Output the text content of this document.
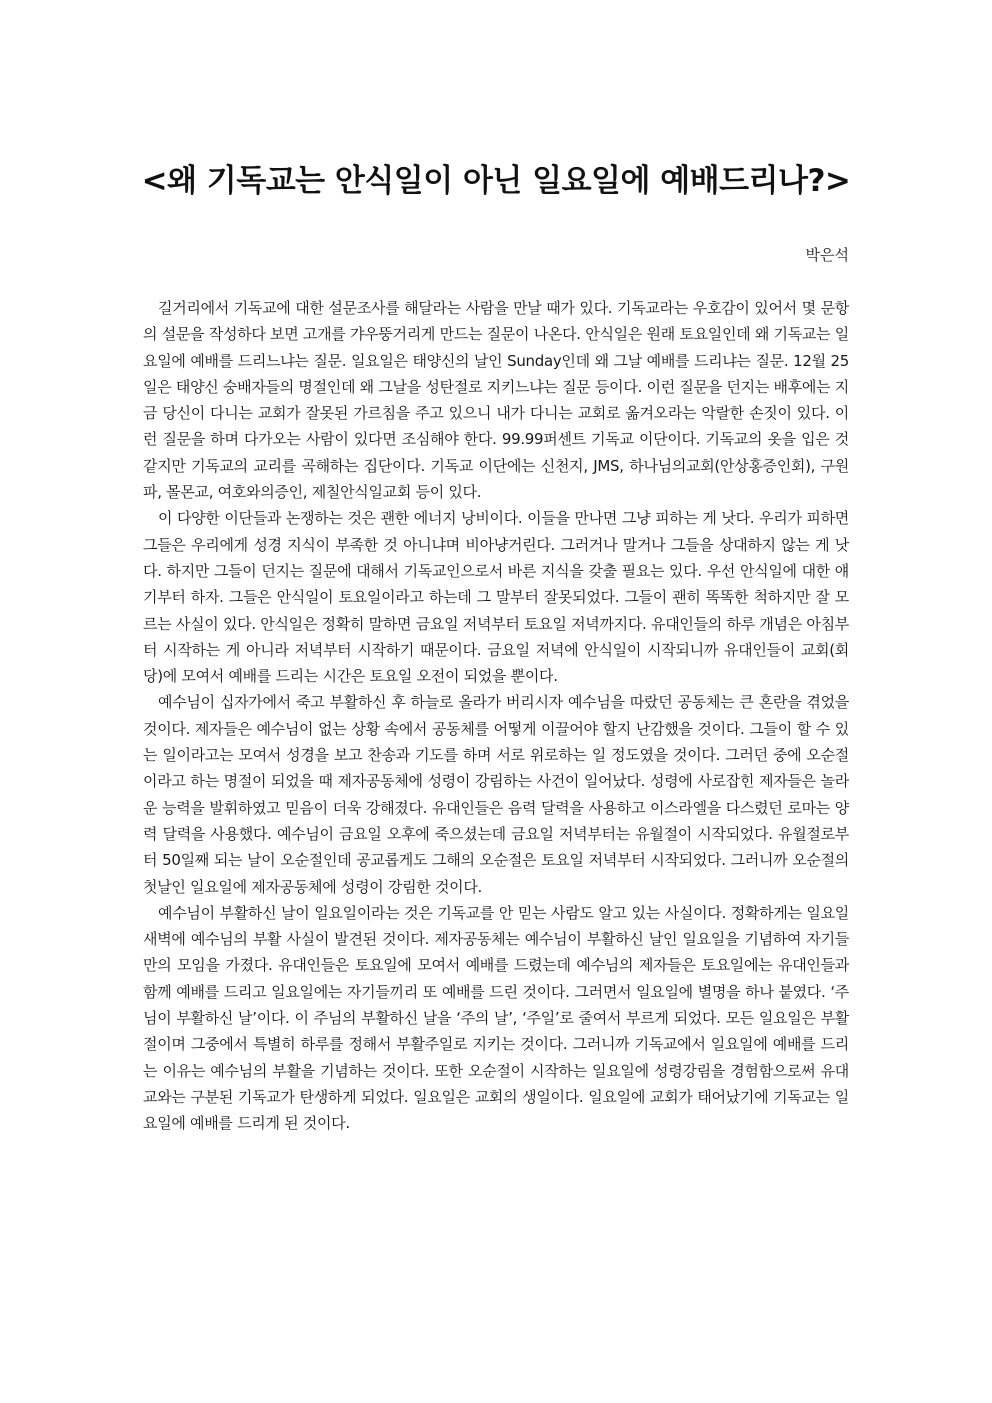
<왜 기독교는 안식일이 아닌 일요일에 예배드리나?>
박은석

길거리에서 기독교에 대한 설문조사를 해달라는 사람을 만날 때가 있다. 기독교라는 우호감이 있어서 몇 문항의 설문을 작성하다 보면 고개를 갸우뚱거리게 만드는 질문이 나온다. 안식일은 원래 토요일인데 왜 기독교는 일요일에 예배를 드리느냐는 질문. 일요일은 태양신의 날인 Sunday인데 왜 그날 예배를 드리냐는 질문. 12월 25일은 태양신 숭배자들의 명절인데 왜 그날을 성탄절로 지키느냐는 질문 등이다. 이런 질문을 던지는 배후에는 지금 당신이 다니는 교회가 잘못된 가르침을 주고 있으니 내가 다니는 교회로 옮겨오라는 악랄한 손짓이 있다. 이런 질문을 하며 다가오는 사람이 있다면 조심해야 한다. 99.99퍼센트 기독교 이단이다. 기독교의 옷을 입은 것 같지만 기독교의 교리를 곡해하는 집단이다. 기독교 이단에는 신천지, JMS, 하나님의교회(안상홍증인회), 구원파, 몰몬교, 여호와의증인, 제칠안식일교회 등이 있다.

이 다양한 이단들과 논쟁하는 것은 괜한 에너지 낭비이다. 이들을 만나면 그냥 피하는 게 낫다. 우리가 피하면 그들은 우리에게 성경 지식이 부족한 것 아니냐며 비아냥거린다. 그러거나 말거나 그들을 상대하지 않는 게 낫다. 하지만 그들이 던지는 질문에 대해서 기독교인으로서 바른 지식을 갖출 필요는 있다. 우선 안식일에 대한 얘기부터 하자. 그들은 안식일이 토요일이라고 하는데 그 말부터 잘못되었다. 그들이 괜히 똑똑한 척하지만 잘 모르는 사실이 있다. 안식일은 정확히 말하면 금요일 저녁부터 토요일 저녁까지다. 유대인들의 하루 개념은 아침부터 시작하는 게 아니라 저녁부터 시작하기 때문이다. 금요일 저녁에 안식일이 시작되니까 유대인들이 교회(회당)에 모여서 예배를 드리는 시간은 토요일 오전이 되었을 뿐이다.

예수님이 십자가에서 죽고 부활하신 후 하늘로 올라가 버리시자 예수님을 따랐던 공동체는 큰 혼란을 겪었을 것이다. 제자들은 예수님이 없는 상황 속에서 공동체를 어떻게 이끌어야 할지 난감했을 것이다. 그들이 할 수 있는 일이라고는 모여서 성경을 보고 찬송과 기도를 하며 서로 위로하는 일 정도였을 것이다. 그러던 중에 오순절이라고 하는 명절이 되었을 때 제자공동체에 성령이 강림하는 사건이 일어났다. 성령에 사로잡힌 제자들은 놀라운 능력을 발휘하였고 믿음이 더욱 강해졌다. 유대인들은 음력 달력을 사용하고 이스라엘을 다스렸던 로마는 양력 달력을 사용했다. 예수님이 금요일 오후에 죽으셨는데 금요일 저녁부터는 유월절이 시작되었다. 유월절로부터 50일째 되는 날이 오순절인데 공교롭게도 그해의 오순절은 토요일 저녁부터 시작되었다. 그러니까 오순절의 첫날인 일요일에 제자공동체에 성령이 강림한 것이다.

예수님이 부활하신 날이 일요일이라는 것은 기독교를 안 믿는 사람도 알고 있는 사실이다. 정확하게는 일요일 새벽에 예수님의 부활 사실이 발견된 것이다. 제자공동체는 예수님이 부활하신 날인 일요일을 기념하여 자기들만의 모임을 가졌다. 유대인들은 토요일에 모여서 예배를 드렸는데 예수님의 제자들은 토요일에는 유대인들과 함께 예배를 드리고 일요일에는 자기들끼리 또 예배를 드린 것이다. 그러면서 일요일에 별명을 하나 붙였다. ‘주님이 부활하신 날’이다. 이 주님의 부활하신 날을 ‘주의 날’, ‘주일’로 줄여서 부르게 되었다. 모든 일요일은 부활절이며 그중에서 특별히 하루를 정해서 부활주일로 지키는 것이다. 그러니까 기독교에서 일요일에 예배를 드리는 이유는 예수님의 부활을 기념하는 것이다. 또한 오순절이 시작하는 일요일에 성령강림을 경험함으로써 유대교와는 구분된 기독교가 탄생하게 되었다. 일요일은 교회의 생일이다. 일요일에 교회가 태어났기에 기독교는 일요일에 예배를 드리게 된 것이다.
